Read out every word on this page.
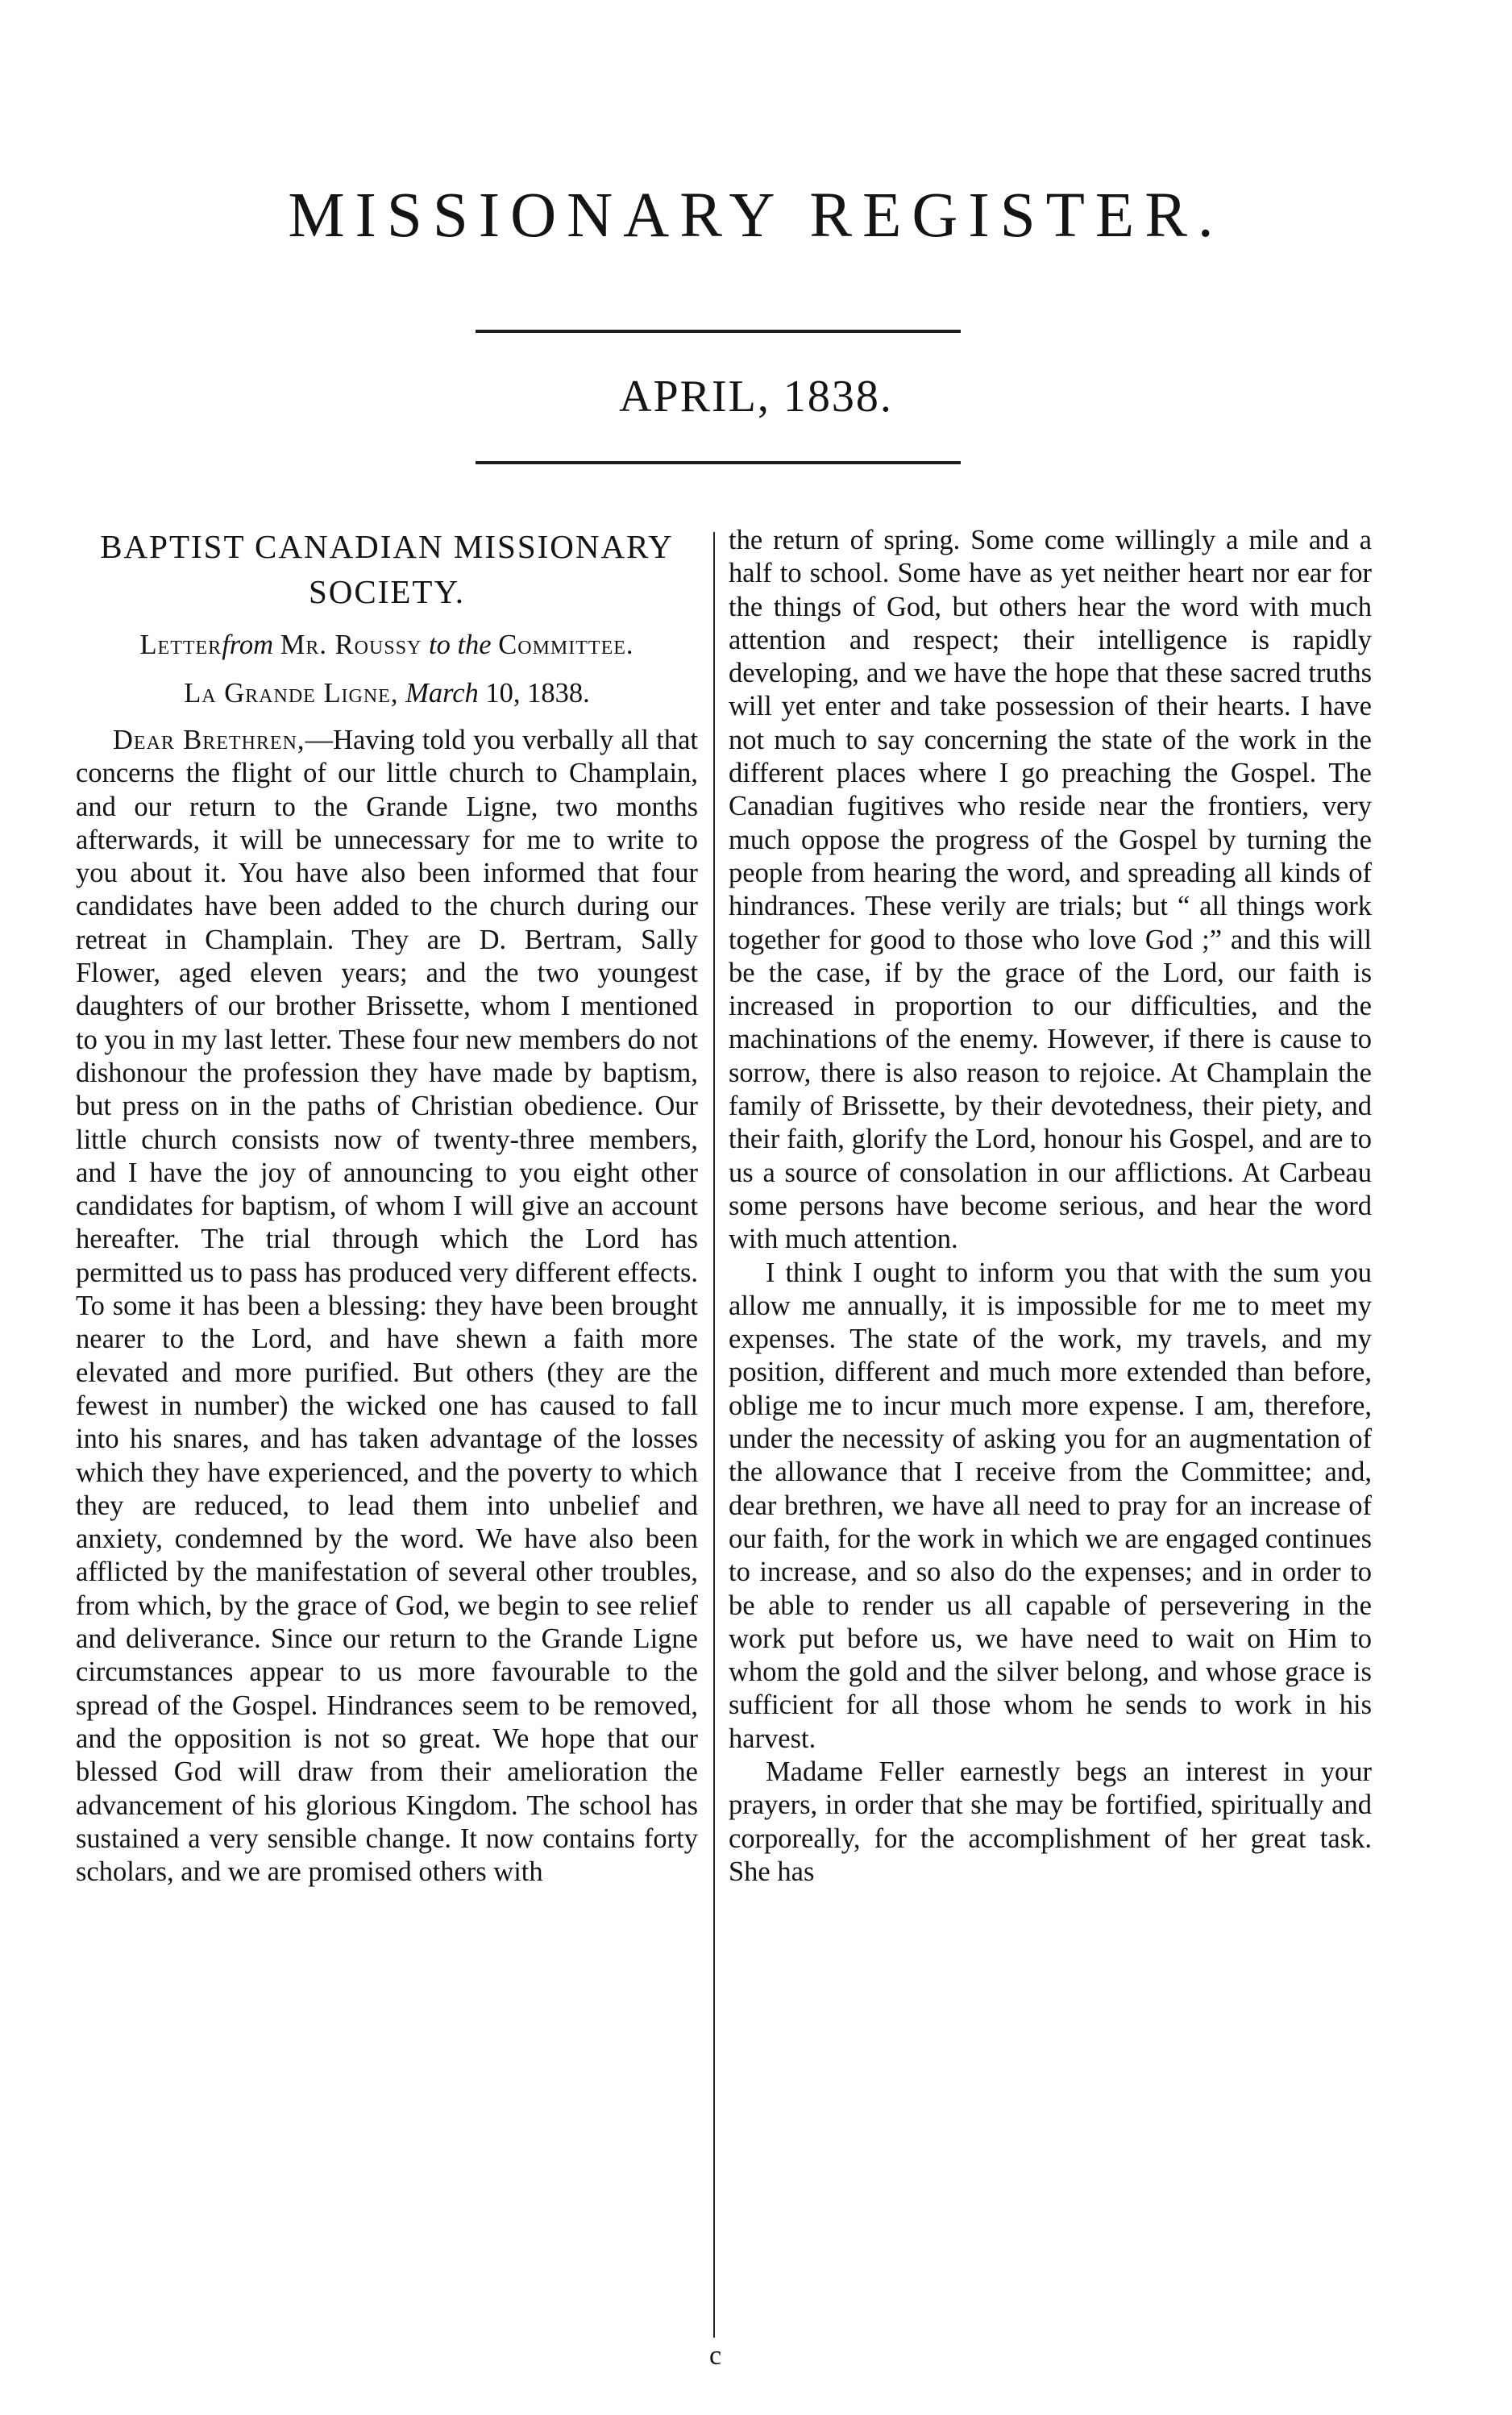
MISSIONARY REGISTER.
APRIL, 1838.
BAPTIST CANADIAN MISSIONARY SOCIETY.
Letterfrom Mr. Roussy to the Committee.
La Grande Ligne, March 10, 1838.

Dear Brethren,—Having told you verbally all that concerns the flight of our little church to Champlain, and our return to the Grande Ligne, two months afterwards, it will be unnecessary for me to write to you about it. You have also been informed that four candidates have been added to the church during our retreat in Champlain. They are D. Bertram, Sally Flower, aged eleven years; and the two youngest daughters of our brother Brissette, whom I mentioned to you in my last letter. These four new members do not dishonour the profession they have made by baptism, but press on in the paths of Christian obedience. Our little church consists now of twenty-three members, and I have the joy of announcing to you eight other candidates for baptism, of whom I will give an account hereafter. The trial through which the Lord has permitted us to pass has produced very different effects. To some it has been a blessing: they have been brought nearer to the Lord, and have shewn a faith more elevated and more purified. But others (they are the fewest in number) the wicked one has caused to fall into his snares, and has taken advantage of the losses which they have experienced, and the poverty to which they are reduced, to lead them into unbelief and anxiety, condemned by the word. We have also been afflicted by the manifestation of several other troubles, from which, by the grace of God, we begin to see relief and deliverance. Since our return to the Grande Ligne circumstances appear to us more favourable to the spread of the Gospel. Hindrances seem to be removed, and the opposition is not so great. We hope that our blessed God will draw from their amelioration the advancement of his glorious Kingdom. The school has sustained a very sensible change. It now contains forty scholars, and we are promised others with

the return of spring. Some come willingly a mile and a half to school. Some have as yet neither heart nor ear for the things of God, but others hear the word with much attention and respect; their intelligence is rapidly developing, and we have the hope that these sacred truths will yet enter and take possession of their hearts. I have not much to say concerning the state of the work in the different places where I go preaching the Gospel. The Canadian fugitives who reside near the frontiers, very much oppose the progress of the Gospel by turning the people from hearing the word, and spreading all kinds of hindrances. These verily are trials; but “ all things work together for good to those who love God ;” and this will be the case, if by the grace of the Lord, our faith is increased in proportion to our difficulties, and the machinations of the enemy. However, if there is cause to sorrow, there is also reason to rejoice. At Champlain the family of Brissette, by their devotedness, their piety, and their faith, glorify the Lord, honour his Gospel, and are to us a source of consolation in our afflictions. At Carbeau some persons have become serious, and hear the word with much attention.

I think I ought to inform you that with the sum you allow me annually, it is impossible for me to meet my expenses. The state of the work, my travels, and my position, different and much more extended than before, oblige me to incur much more expense. I am, therefore, under the necessity of asking you for an augmentation of the allowance that I receive from the Committee; and, dear brethren, we have all need to pray for an increase of our faith, for the work in which we are engaged continues to increase, and so also do the expenses; and in order to be able to render us all capable of persevering in the work put before us, we have need to wait on Him to whom the gold and the silver belong, and whose grace is sufficient for all those whom he sends to work in his harvest.

Madame Feller earnestly begs an interest in your prayers, in order that she may be fortified, spiritually and corporeally, for the accomplishment of her great task. She has

c
